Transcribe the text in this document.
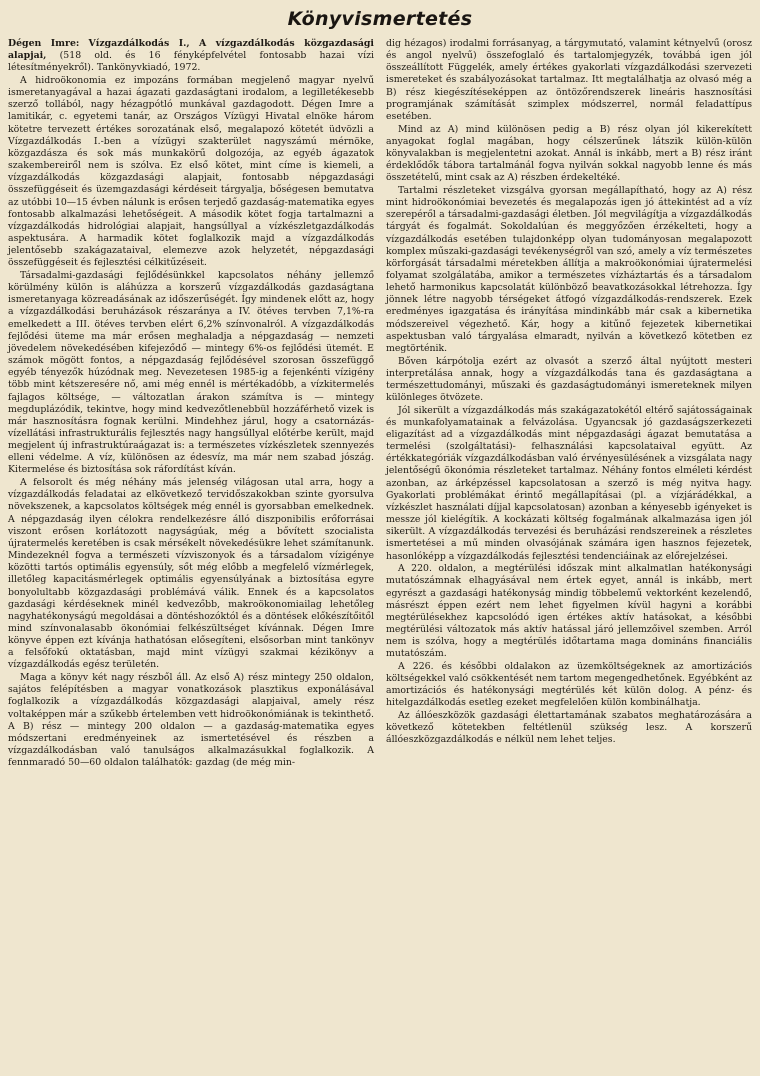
Könyvismertetés

Dégen Imre: Vízgazdálkodás I., A vízgazdálkodás közgazdasági alapjai, (518 old. és 16 fényképfelvétel fontosabb hazai vízi létesítményekről). Tankönyvkiadó, 1972.

A hidroökonomia ez impozáns formában megjelenő magyar nyelvű ismeretanyagával a hazai ágazati gazdaságtani irodalom, a legilletékesebb szerző tollából, nagy hézagpótló munkával gazdagodott. Dégen Imre a lamitikár, c. egyetemi tanár, az Országos Vízügyi Hivatal elnöke három kötetre tervezett értékes sorozatának első, megalapozó kötetét üdvözli a Vízgazdálkodás I.-ben a vízügyi szakterület nagyszámú mérnöke, közgazdásza és sok más munkakörű dolgozója, az egyéb ágazatok szakembereiről nem is szólva. Ez első kötet, mint címe is kiemeli, a vízgazdálkodás közgazdasági alapjait, fontosabb népgazdasági összefüggéseit és üzemgazdasági kérdéseit tárgyalja, bőségesen bemutatva az utóbbi 10—15 évben nálunk is erősen terjedő gazdaság-matematika egyes fontosabb alkalmazási lehetőségeit. A második kötet fogja tartalmazni a vízgazdálkodás hidrológiai alapjait, hangsúllyal a vízkészletgazdálkodás aspektusára. A harmadik kötet foglalkozik majd a vízgazdálkodás jelentősebb szakágazataival, elemezve azok helyzetét, népgazdasági összefüggéseit és fejlesztési célkitűzéseit.

Társadalmi-gazdasági fejlődésünkkel kapcsolatos néhány jellemző körülmény külön is aláhúzza a korszerű vízgazdálkodás gazdaságtana ismeretanyaga közreadásának az időszerűségét. Így mindenek előtt az, hogy a vízgazdálkodási beruházások részaránya a IV. ötéves tervben 7,1%-ra emelkedett a III. ötéves tervben elért 6,2% színvonalról. A vízgazdálkodás fejlődési üteme ma már erősen meghaladja a népgazdaság — nemzeti jövedelem növekedésében kifejeződő — mintegy 6%-os fejlődési ütemét. E számok mögött fontos, a népgazdaság fejlődésével szorosan összefüggő egyéb tényezők húzódnak meg. Nevezetesen 1985-ig a fejenkénti vízigény több mint kétszeresére nő, ami még ennél is mértékadóbb, a vízkitermelés fajlagos költsége, — változatlan árakon számítva is — mintegy megduplázódik, tekintve, hogy mind kedvezőtlenebbül hozzáférhető vizek is már hasznosításra fognak kerülni. Mindehhez járul, hogy a csatornázás-vízellátási infrastrukturális fejlesztés nagy hangsúllyal előtérbe került, majd megjelent új infrastruktúraágazat is: a természetes vízkészletek szennyezés elleni védelme. A víz, különösen az édesvíz, ma már nem szabad jószág. Kitermelése és biztosítása sok ráfordítást kíván.

A felsorolt és még néhány más jelenség világosan utal arra, hogy a vízgazdálkodás feladatai az elkövetkező tervidőszakokban szinte gyorsulva növekszenek, a kapcsolatos költségek még ennél is gyorsabban emelkednek. A népgazdaság ilyen célokra rendelkezésre álló diszponibilis erőforrásai viszont erősen korlátozott nagyságúak, még a bővített szocialista újratermelés keretében is csak mérsékelt növekedésükre lehet számítanunk. Mindezeknél fogva a természeti vízviszonyok és a társadalom vízigénye közötti tartós optimális egyensúly, sőt még előbb a megfelelő vízmérlegek, illetőleg kapacitásmérlegek optimális egyensúlyának a biztosítása egyre bonyolultabb közgazdasági problémává válik. Ennek és a kapcsolatos gazdasági kérdéseknek minél kedvezőbb, makroökonomiailag lehetőleg nagyhatékonyságú megoldásai a döntéshozóktól és a döntések előkészítőitől mind színvonalasabb ökonómiai felkészültséget kívánnak. Dégen Imre könyve éppen ezt kívánja hathatósan elősegíteni, elsősorban mint tankönyv a felsőfokú oktatásban, majd mint vízügyi szakmai kézikönyv a vízgazdálkodás egész területén.

Maga a könyv két nagy részből áll. Az első A) rész mintegy 250 oldalon, sajátos felépítésben a magyar vonatkozások plasztikus exponálásával foglalkozik a vízgazdálkodás közgazdasági alapjaival, amely rész voltaképpen már a szűkebb értelemben vett hidroökonómiának is tekinthető. A B) rész — mintegy 200 oldalon — a gazdaság-matematika egyes módszertani eredményeinek az ismertetésével és részben a vízgazdálkodásban való tanulságos alkalmazásukkal foglalkozik. A fennmaradó 50—60 oldalon találhatók: gazdag (de még min-

dig hézagos) irodalmi forrásanyag, a tárgymutató, valamint kétnyelvű (orosz és angol nyelvű) összefoglaló és tartalomjegyzék, továbbá igen jól összeállított Függelék, amely értékes gyakorlati vízgazdálkodási szervezeti ismereteket és szabályozásokat tartalmaz. Itt megtalálhatja az olvasó még a B) rész kiegészítéseképpen az öntözőrendszerek lineáris hasznosítási programjának számítását szimplex módszerrel, normál feladattípus esetében.

Mind az A) mind különösen pedig a B) rész olyan jól kikerekített anyagokat foglal magában, hogy célszerűnek látszik külön-külön könyvalakban is megjelentetni azokat. Annál is inkább, mert a B) rész iránt érdeklődők tábora tartalmánál fogva nyilván sokkal nagyobb lenne és más összetételű, mint csak az A) részben érdekeltéké.

Tartalmi részleteket vizsgálva gyorsan megállapítható, hogy az A) rész mint hidroökonómiai bevezetés és megalapozás igen jó áttekintést ad a víz szerepéről a társadalmi-gazdasági életben. Jól megvilágítja a vízgazdálkodás tárgyát és fogalmát. Sokoldalúan és meggyőzően érzékelteti, hogy a vízgazdálkodás esetében tulajdonképp olyan tudományosan megalapozott komplex műszaki-gazdasági tevékenységről van szó, amely a víz természetes körforgását társadalmi méretekben állítja a makroökonómiai újratermelési folyamat szolgálatába, amikor a természetes vízháztartás és a társadalom lehető harmonikus kapcsolatát különböző beavatkozásokkal létrehozza. Így jönnek létre nagyobb térségeket átfogó vízgazdálkodás-rendszerek. Ezek eredményes igazgatása és irányítása mindinkább már csak a kibernetika módszereivel végezhető. Kár, hogy a kitűnő fejezetek kibernetikai aspektusban való tárgyalása elmaradt, nyilván a következő kötetben ez megtörténik.

Bőven kárpótolja ezért az olvasót a szerző által nyújtott mesteri interpretálása annak, hogy a vízgazdálkodás tana és gazdaságtana a természettudományi, műszaki és gazdaságtudományi ismereteknek milyen különleges ötvözete.

Jól sikerült a vízgazdálkodás más szakágazatokétól eltérő sajátosságainak és munkafolyamatainak a felvázolása. Ugyancsak jó gazdaságszerkezeti eligazítást ad a vízgazdálkodás mint népgazdasági ágazat bemutatása a termelési (szolgáltatási)- felhasználási kapcsolataival együtt. Az értékkategóriák vízgazdálkodásban való érvényesülésének a vizsgálata nagy jelentőségű ökonómia részleteket tartalmaz. Néhány fontos elméleti kérdést azonban, az árképzéssel kapcsolatosan a szerző is még nyitva hagy. Gyakorlati problémákat érintő megállapításai (pl. a vízjárádékkal, a vízkészlet használati díjjal kapcsolatosan) azonban a kényesebb igényeket is messze jól kielégítik. A kockázati költség fogalmának alkalmazása igen jól sikerült. A vízgazdálkodás tervezési és beruházási rendszereinek a részletes ismertetései a mű minden olvasójának számára igen hasznos fejezetek, hasonlóképp a vízgazdálkodás fejlesztési tendenciáinak az előrejelzései.

A 220. oldalon, a megtérülési időszak mint alkalmatlan hatékonysági mutatószámnak elhagyásával nem értek egyet, annál is inkább, mert egyrészt a gazdasági hatékonyság mindig többelemű vektorként kezelendő, másrészt éppen ezért nem lehet figyelmen kívül hagyni a korábbi megtérülésekhez kapcsolódó igen értékes aktív hatásokat, a későbbi megtérülési változatok más aktív hatással járó jellemzőivel szemben. Arról nem is szólva, hogy a megtérülés időtartama maga domináns financiális mutatószám.

A 226. és későbbi oldalakon az üzemköltségeknek az amortizációs költségekkel való csökkentését nem tartom megengedhetőnek. Egyébként az amortizációs és hatékonysági megtérülés két külön dolog. A pénz- és hitelgazdálkodás esetleg ezeket megfelelően külön kombinálhatja.

Az állóeszközök gazdasági élettartamának szabatos meghatározására a következő kötetekben feltétlenül szükség lesz. A korszerű állóeszközgazdálkodás e nélkül nem lehet teljes.
